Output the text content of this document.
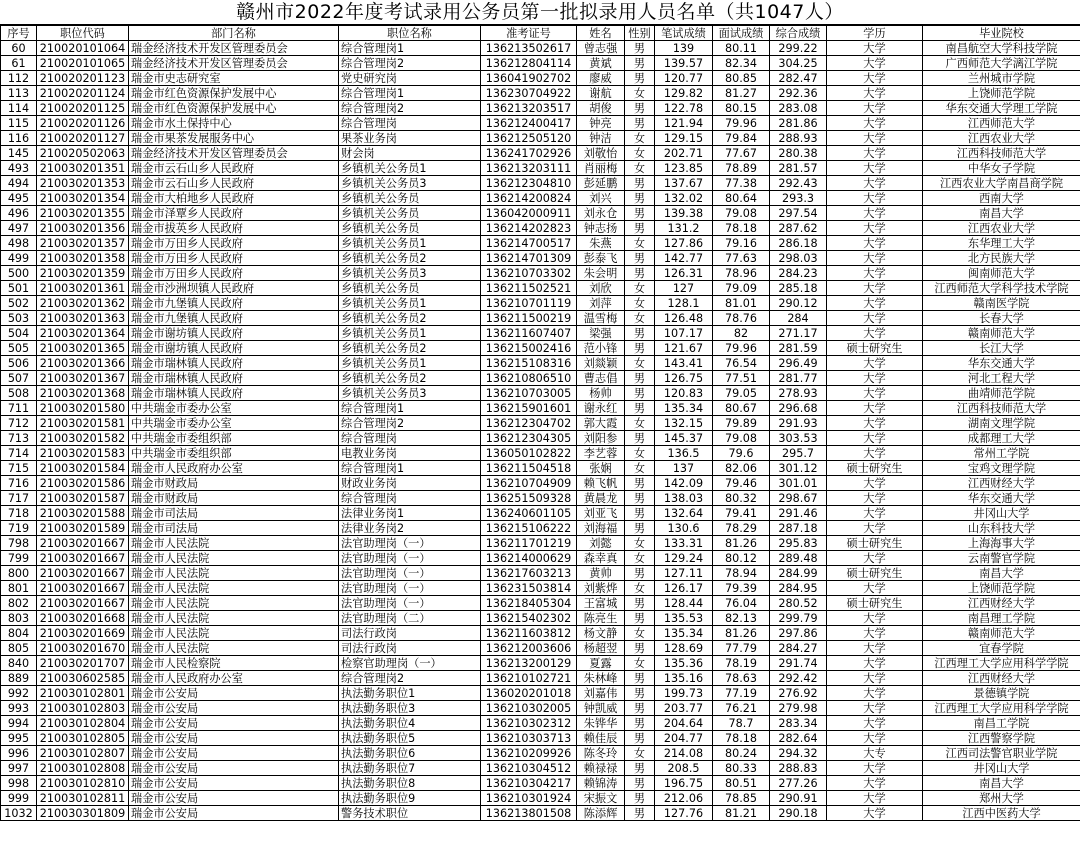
赣州市2022年度考试录用公务员第一批拟录用人员名单（共1047人）
序号	职位代码	部门名称	职位名称	准考证号	姓名	性别	笔试成绩	面试成绩	综合成绩	学历	毕业院校
60	210020101064	瑞金经济技术开发区管理委员会	综合管理岗1	136213502617	曾志强	男	139	80.11	299.22	大学	南昌航空大学科技学院
61	210020101065	瑞金经济技术开发区管理委员会	综合管理岗2	136212804114	黄斌	男	139.57	82.34	304.25	大学	广西师范大学漓江学院
112	210020201123	瑞金市史志研究室	党史研究岗	136041902702	廖威	男	120.77	80.85	282.47	大学	兰州城市学院
113	210020201124	瑞金市红色资源保护发展中心	综合管理岗1	136230704922	谢航	女	129.82	81.27	292.36	大学	上饶师范学院
114	210020201125	瑞金市红色资源保护发展中心	综合管理岗2	136213203517	胡俊	男	122.78	80.15	283.08	大学	华东交通大学理工学院
115	210020201126	瑞金市水土保持中心	综合管理岗	136212400417	钟亮	男	121.94	79.96	281.86	大学	江西师范大学
116	210020201127	瑞金市果茶发展服务中心	果茶业务岗	136212505120	钟洁	女	129.15	79.84	288.93	大学	江西农业大学
145	210020502063	瑞金经济技术开发区管理委员会	财会岗	136241702926	刘敬怡	女	202.71	77.67	280.38	大学	江西科技师范大学
493	210030201351	瑞金市云石山乡人民政府	乡镇机关公务员1	136213203111	肖丽梅	女	123.85	78.89	281.57	大学	中华女子学院
494	210030201353	瑞金市云石山乡人民政府	乡镇机关公务员3	136212304810	彭延鹏	男	137.67	77.38	292.43	大学	江西农业大学南昌商学院
495	210030201354	瑞金市大柏地乡人民政府	乡镇机关公务员	136214200824	刘兴	男	132.02	80.64	293.3	大学	西南大学
496	210030201355	瑞金市泽覃乡人民政府	乡镇机关公务员	136042000911	刘永仓	男	139.38	79.08	297.54	大学	南昌大学
497	210030201356	瑞金市拔英乡人民政府	乡镇机关公务员	136214202823	钟志扬	男	131.2	78.18	287.62	大学	江西农业大学
498	210030201357	瑞金市万田乡人民政府	乡镇机关公务员1	136214700517	朱燕	女	127.86	79.16	286.18	大学	东华理工大学
499	210030201358	瑞金市万田乡人民政府	乡镇机关公务员2	136214701309	彭泰飞	男	142.77	77.63	298.03	大学	北方民族大学
500	210030201359	瑞金市万田乡人民政府	乡镇机关公务员3	136210703302	朱会明	男	126.31	78.96	284.23	大学	闽南师范大学
501	210030201361	瑞金市沙洲坝镇人民政府	乡镇机关公务员	136211502521	刘欣	女	127	79.09	285.18	大学	江西师范大学科学技术学院
502	210030201362	瑞金市九堡镇人民政府	乡镇机关公务员1	136210701119	刘萍	女	128.1	81.01	290.12	大学	赣南医学院
503	210030201363	瑞金市九堡镇人民政府	乡镇机关公务员2	136211500219	温雪梅	女	126.48	78.76	284	大学	长春大学
504	210030201364	瑞金市谢坊镇人民政府	乡镇机关公务员1	136211607407	梁强	男	107.17	82	271.17	大学	赣南师范大学
505	210030201365	瑞金市谢坊镇人民政府	乡镇机关公务员2	136215002416	范小锋	男	121.67	79.96	281.59	硕士研究生	长江大学
506	210030201366	瑞金市瑞林镇人民政府	乡镇机关公务员1	136215108316	刘燚颖	女	143.41	76.54	296.49	大学	华东交通大学
507	210030201367	瑞金市瑞林镇人民政府	乡镇机关公务员2	136210806510	曹志倡	男	126.75	77.51	281.77	大学	河北工程大学
508	210030201368	瑞金市瑞林镇人民政府	乡镇机关公务员3	136210703005	杨帅	男	120.83	79.05	278.93	大学	曲靖师范学院
711	210030201580	中共瑞金市委办公室	综合管理岗1	136215901601	谢永红	男	135.34	80.67	296.68	大学	江西科技师范大学
712	210030201581	中共瑞金市委办公室	综合管理岗2	136212304702	郭大霞	女	132.15	79.89	291.93	大学	湖南文理学院
713	210030201582	中共瑞金市委组织部	综合管理岗	136212304305	刘阳参	男	145.37	79.08	303.53	大学	成都理工大学
714	210030201583	中共瑞金市委组织部	电教业务岗	136050102822	李艺蓉	女	136.5	79.6	295.7	大学	常州工学院
715	210030201584	瑞金市人民政府办公室	综合管理岗1	136211504518	张娴	女	137	82.06	301.12	硕士研究生	宝鸡文理学院
716	210030201586	瑞金市财政局	财政业务岗	136210704909	赖飞帆	男	142.09	79.46	301.01	大学	江西财经大学
717	210030201587	瑞金市财政局	综合管理岗	136251509328	黄晨龙	男	138.03	80.32	298.67	大学	华东交通大学
718	210030201588	瑞金市司法局	法律业务岗1	136240601105	刘亚飞	男	132.64	79.41	291.46	大学	井冈山大学
719	210030201589	瑞金市司法局	法律业务岗2	136215106222	刘海福	男	130.6	78.29	287.18	大学	山东科技大学
798	210030201667	瑞金市人民法院	法官助理岗（一）	136211701219	刘懿	女	133.31	81.26	295.83	硕士研究生	上海海事大学
799	210030201667	瑞金市人民法院	法官助理岗（一）	136214000629	森幸真	女	129.24	80.12	289.48	大学	云南警官学院
800	210030201667	瑞金市人民法院	法官助理岗（一）	136217603213	黄帅	男	127.11	78.94	284.99	硕士研究生	南昌大学
801	210030201667	瑞金市人民法院	法官助理岗（一）	136231503814	刘紫烨	女	126.17	79.39	284.95	大学	上饶师范学院
802	210030201667	瑞金市人民法院	法官助理岗（一）	136218405304	王富城	男	128.44	76.04	280.52	硕士研究生	江西财经大学
803	210030201668	瑞金市人民法院	法官助理岗（二）	136215402302	陈亮生	男	135.53	82.13	299.79	大学	南昌理工学院
804	210030201669	瑞金市人民法院	司法行政岗	136211603812	杨文静	女	135.34	81.26	297.86	大学	赣南师范大学
805	210030201670	瑞金市人民法院	司法行政岗	136212003606	杨超翌	男	128.69	77.79	284.27	大学	宜春学院
840	210030201707	瑞金市人民检察院	检察官助理岗（一）	136213200129	夏露	女	135.36	78.19	291.74	大学	江西理工大学应用科学学院
889	210030602585	瑞金市人民政府办公室	综合管理岗2	136210102721	朱林峰	男	135.16	78.63	292.42	大学	江西财经大学
992	210030102801	瑞金市公安局	执法勤务职位1	136020201018	刘嘉伟	男	199.73	77.19	276.92	大学	景德镇学院
993	210030102803	瑞金市公安局	执法勤务职位3	136210302005	钟凯威	男	203.77	76.21	279.98	大学	江西理工大学应用科学学院
994	210030102804	瑞金市公安局	执法勤务职位4	136210302312	朱铧华	男	204.64	78.7	283.34	大学	南昌工学院
995	210030102805	瑞金市公安局	执法勤务职位5	136210303713	赖佳辰	男	204.77	78.18	282.64	大学	江西警察学院
996	210030102807	瑞金市公安局	执法勤务职位6	136210209926	陈冬玲	女	214.08	80.24	294.32	大专	江西司法警官职业学院
997	210030102808	瑞金市公安局	执法勤务职位7	136210304512	赖禄禄	男	208.5	80.33	288.83	大学	井冈山大学
998	210030102810	瑞金市公安局	执法勤务职位8	136210304217	赖锦涛	男	196.75	80.51	277.26	大学	南昌大学
999	210030102811	瑞金市公安局	执法勤务职位9	136210301924	宋振文	男	212.06	78.85	290.91	大学	郑州大学
1032	210030301809	瑞金市公安局	警务技术职位	136213801508	陈添辉	男	127.76	81.21	290.18	大学	江西中医药大学
